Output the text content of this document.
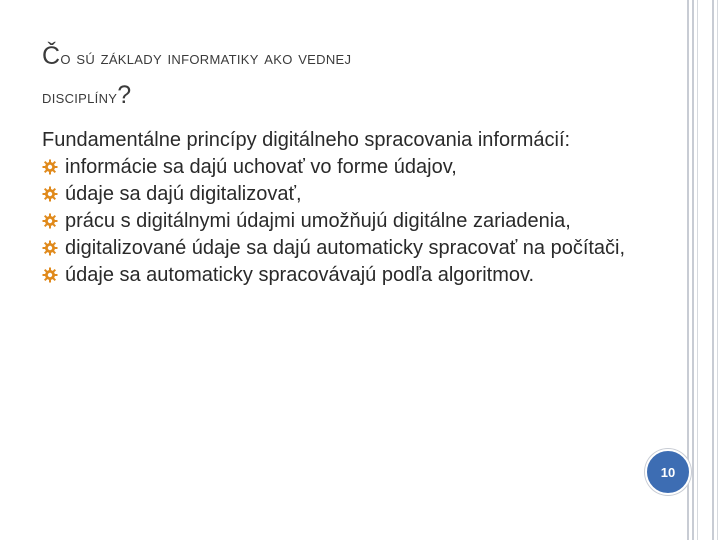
Čo sú základy informatiky ako vednej
disciplíny?

Fundamentálne princípy digitálneho spracovania informácií:

informácie sa dajú uchovať vo forme údajov,
údaje sa dajú digitalizovať,
prácu s digitálnymi údajmi umožňujú digitálne zariadenia,
digitalizované údaje sa dajú automaticky spracovať na počítači,
údaje sa automaticky spracovávajú podľa algoritmov.
10
